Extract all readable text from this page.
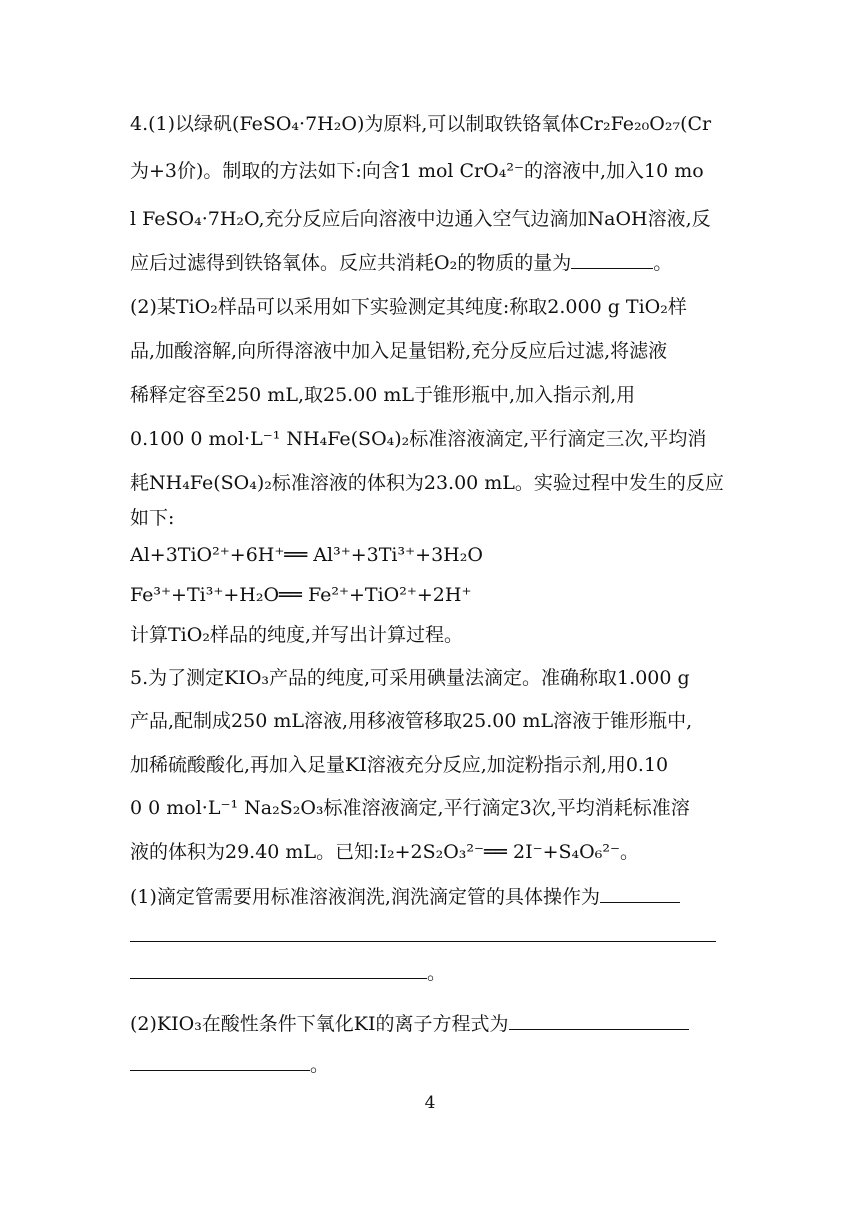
4.(1)以绿矾(FeSO₄·7H₂O)为原料,可以制取铁铬氧体Cr₂Fe₂₀O₂₇(Cr
为+3价)。制取的方法如下:向含1 mol CrO₄²⁻的溶液中,加入10 mo
l FeSO₄·7H₂O,充分反应后向溶液中边通入空气边滴加NaOH溶液,反
应后过滤得到铁铬氧体。反应共消耗O₂的物质的量为	。
(2)某TiO₂样品可以采用如下实验测定其纯度:称取2.000 g TiO₂样
品,加酸溶解,向所得溶液中加入足量铝粉,充分反应后过滤,将滤液
稀释定容至250 mL,取25.00 mL于锥形瓶中,加入指示剂,用
0.100 0 mol·L⁻¹ NH₄Fe(SO₄)₂标准溶液滴定,平行滴定三次,平均消
耗NH₄Fe(SO₄)₂标准溶液的体积为23.00 mL。实验过程中发生的反应
如下:
Al+3TiO²⁺+6H⁺══ Al³⁺+3Ti³⁺+3H₂O
Fe³⁺+Ti³⁺+H₂O══ Fe²⁺+TiO²⁺+2H⁺
计算TiO₂样品的纯度,并写出计算过程。
5.为了测定KIO₃产品的纯度,可采用碘量法滴定。准确称取1.000 g
产品,配制成250 mL溶液,用移液管移取25.00 mL溶液于锥形瓶中,
加稀硫酸酸化,再加入足量KI溶液充分反应,加淀粉指示剂,用0.10
0 0 mol·L⁻¹ Na₂S₂O₃标准溶液滴定,平行滴定3次,平均消耗标准溶
液的体积为29.40 mL。已知:I₂+2S₂O₃²⁻══ 2I⁻+S₄O₆²⁻。
(1)滴定管需要用标准溶液润洗,润洗滴定管的具体操作为
。
(2)KIO₃在酸性条件下氧化KI的离子方程式为
。
4
